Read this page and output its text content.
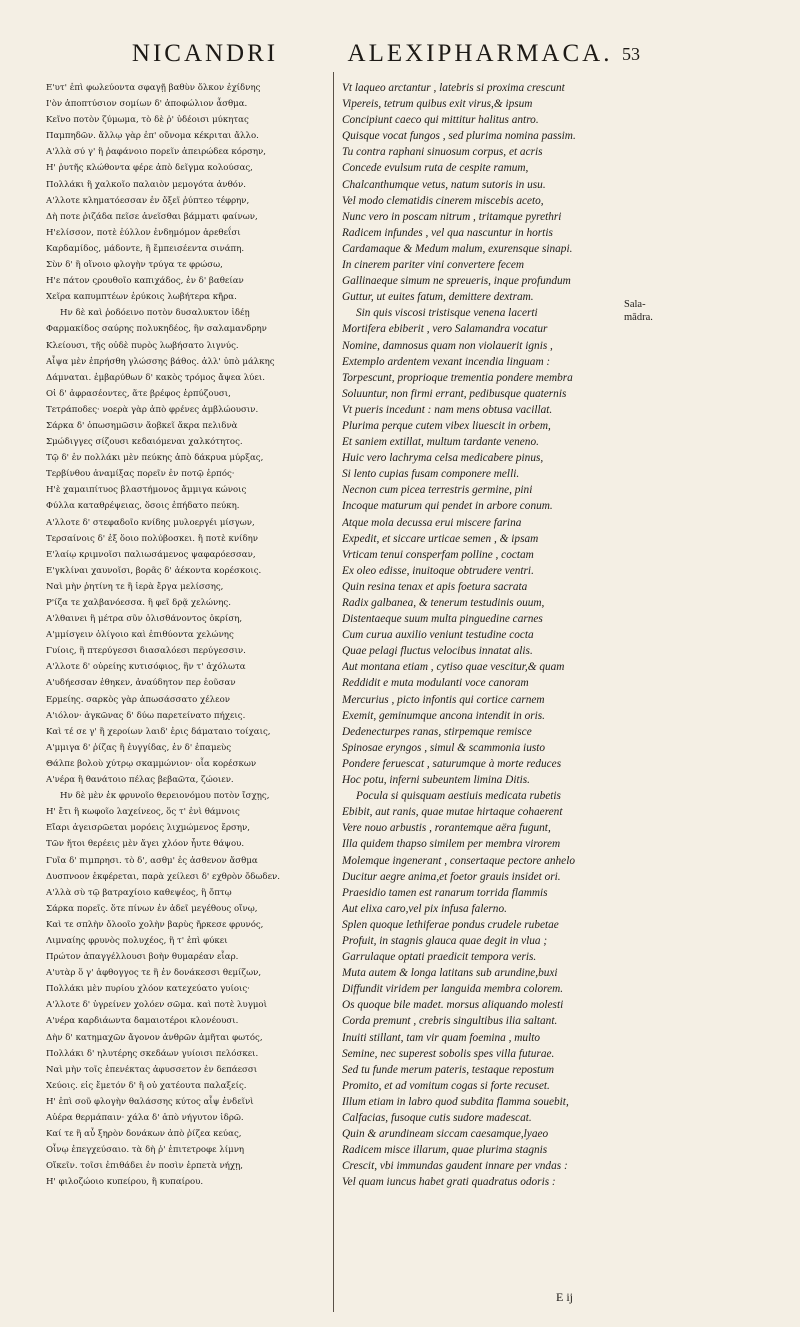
NICANDRI	ALEXIPHARMACA. 53
Ε'υτ' ἐπὶ φωλεύοντα σφαγῇ βαθὺν ὄλκον ἐχίδνης
Ι'ὸν ἀποπτύσιον σομίων δ' ἀποφώλιον ἆσθμα.
Κεῖνο ποτὸν ζύμωμα, τὸ δὲ ῥ' ὑδέοισι μύκητας
Παμπηδῶν. ἄλλῳ γὰρ ἐπ' οὔνομα κέκριται ἄλλο.
Α'λλὰ σύ γ' ἢ ῥαφάνοιο πορεῖν ἀπειρώδεα κόρσην,
Η' ῥυτῆς κλώθοντα φέρε ἀπὸ δεῖγμα κολούσας,
Πολλάκι ἢ χαλκοῖο παλαιὸν μεμογότα ἀνθόν.
Α'λλοτε κληματόεσσαν ἐν ὄξεϊ ῥύπτεο τέφρην,
Δὴ ποτε ῥιζάδα πεῖσε ἀνεῖσθαι βάμματι φαίνων,
Η'ελίσσον, ποτὲ ἐύλλον ἐνδημόμον ἀρεθεΐσι
Καρδαμίδος, μάδοντε, ἢ ἔμπεισέεντα σινάπη.
Σὺν δ' ἢ οἴνοιο φλογὴν τρύγα τε φρώσω,
Η'ε πάτον ςρουθοῖο καπιχάδος, ἐν δ' βαθείαν
Χεῖρα καπυμπτέων ἐρύκοις λωβήτερα κῆρα.
Ην δὲ καὶ ῥοδόεινο ποτὸν δυσαλυκτον ἰδέῃ
Φαρμακίδος σαύρης πολυκηδέος, ἣν σαλαμανδρην
Κλείουσι, τῆς οὐδὲ πυρὸς λωβήσατο λιγνύς.
Αἶψα μὲν ἐπρήσθη γλώσσης βάθος. ἀλλ' ὑπὸ μάλκης
Δάμναται. ἐμβαρύθων δ' κακὸς τρόμος ἄψεα λύει.
Οἱ δ' ἀφρασέοντες, ἅτε βρέφος ἑρπύζουσι,
Τετράποδες· νοερὰ γὰρ ἀπὸ φρένες ἀμβλώουσιν.
Σάρκα δ' ὀπωσημῶσιν ἄοβκεῖ ἄκρα πελιδνὰ
Σμώδιγγες σίζουσι κεδαιόμεναι χαλκότητος.
Τῷ δ' ἐν πολλάκι μὲν πεύκης ἀπὸ δάκρυα μύρξας,
Τερβίνθου ἀναμίξας πορεῖν ἐν ποτῷ ἑρπός·
Η'ὲ χαμαιπίτυος βλαστήμονος ἄμμιγα κώνοις
Φύλλα καταθρέψειας, ὅσοις ἐπήδατο πεύκη.
Α'λλοτε δ' στεφαδοῖο κνίδης μυλοεργέι μίσγων,
Τερσαίνοις δ' ἐξ ὅοιο πολύβοσκει. ἢ ποτὲ κνίδην
Ε'λαίῳ κριμνοῖσι παλιωσάμενος ψαφαρόεσσαν,
Ε'γκλίναι χαυνοῖσι, βορᾶς δ' ἀέκοντα κορέσκοις.
Ναὶ μὴν ῥητίνη τε ἢ ἱερὰ ἔργα μελίσσης,
Ρ'ίζα τε χαλβανόεσσα. ἢ φεῖ δρᾷ χελώνης.
Α'λθαινει ἢ μέτρα σῦν ὀλισθάνοντος ὀκρίση,
Α'μμίσγειν ὀλίγοιο καὶ ἐπιθύοντα χελώνης
Γυίοις, ἢ πτερύγεσσι διασαλόεσι περύγεσσιν.
Α'λλοτε δ' οὐρείης κυτισόφιος, ἣν τ' ἀχόλωτα
Α'υδήεσσαν ἐθηκεν, ἀναύδητον περ ἐοῦσαν
Ερμείης. σαρκὸς γὰρ ἀπωσάσσατο χέλεον
Α'ιόλον· ἀγκῶνας δ' δύω παρετείνατο πήχεις.
Καὶ τέ σε γ' ἢ χεροίων λαιδ' ἐρις δάματαιο τοίχαις,
Α'μμιγα δ' ῥίζας ἢ ἐυγγίδας, ἐν δ' ἐπαμεὺς
Θάλπε βολοὺ χύτρῳ σκαμμώνιον· οἷα κορέσκων
Α'νέρα ἢ θανάτοιο πέλας βεβαῶτα, ζώοιεν.
Ην δὲ μὲν ἐκ φρυνοῖο θερειονόμου ποτὸν ἴσχῃς,
Η' ἔτι ἢ κωφοῖο λαχείνεος, ὅς τ' ἐνὶ θάμνοις
Εἴαρι ἀγεισρῶεται μορόεις λιχμώμενος ἔρσην,
Τῶν ἤτοι θερέεις μὲν ἄγει χλόον ἦυτε θάψου.
Γυῖα δ' πιμπρησι. τὸ δ', ασθμ' ἐς ἀσθενον ἄσθμα
Δυσπνοον ἐκφέρεται, παρὰ χείλεσι δ' εχθρὸν ὄδωδεν.
Α'λλὰ σὺ τῷ βατραχίοιο καθεψέος, ἢ ὄπτῳ
Σάρκα πορεῖς. ὅτε πίνων ἐν ἀδεῖ μεγέθους οἴνῳ,
Καὶ τε σπλὴν ὄλοοῖο χολὴν βαρὺς ἤρκεσε φρυνός,
Λιμναίης φρυνὸς πολυχέος, ἢ τ' ἐπὶ φύκει
Πρώτον ἀπαγγέλλουσι βοὴν θυμαρέαν εἶαρ.
Α'υτὰρ ὅ γ' ἀφθογγος τε ἢ ἐν δονάκεσσι θεμίζων,
Πολλάκι μὲν πυρίου χλόον κατεχεύατο γυίοις·
Α'λλοτε δ' ὑγρείνεν χολόεν σῶμα. καὶ ποτὲ λυγμοὶ
Α'νέρα καρδιάωντα δαμαιοτέροι κλονέουσι.
Δὴν δ' κατημαχῶν ἄγονον ἀνθρῶν ἀμῆται φωτός,
Πολλάκι δ' ηλυτέρης σκεδάων γυίοισι πελόσκει.
Ναὶ μὴν τοῖς ἐπενέκτας ἀφυσσετον ἐν δεπάεσσι
Χεύοις. εἰς ἔμετόν δ' ἢ οὐ χατέουτα παλαξείς.
Η' ἐπὶ σοῦ φλογὴν θαλάσσης κύτος αἶψ ἐνδεῖνὶ
Αὐέρα θερμάπαιν· χάλα δ' ἀπὸ νήγυτον ἱδρῶ.
Καί τε ἢ αὖ ξηρὸν δονάκων ἀπὸ ῥίζεα κεύας,
Οἶνῳ ἐπεγχεύσαιο. τὰ δὴ ῥ' ἐπιτετροφε λίμνη
Οἴκεῖν. τοῖσι ἐπιθάδει ἐν ποσὶν ἑρπετὰ νήχῃ,
Η' φιλοζώοιο κυπείρου, ἢ κυπαίρου.
Vt laqueo arctantur , latebris si proxima crescunt
Vipereis, tetrum quibus exit virus,& ipsum
Concipiunt caeco qui mittitur halitus antro.
Quisque vocat fungos , sed plurima nomina passim.
Tu contra raphani sinuosum corpus, et acris
Concede evulsum ruta de cespite ramum,
Chalcanthumque vetus, natum sutoris in usu.
Vel modo clematidis cinerem miscebis aceto,
Nunc vero in poscam nitrum , tritamque pyrethri
Radicem infundes , vel qua nascuntur in hortis
Cardamaque & Medum malum, exurensque sinapi.
In cinerem pariter vini convertere fecem
Gallinaeque simum ne spreueris, inque profundum
Guttur, ut euites fatum, demittere dextram.
Sin quis viscosi tristisque venena lacerti
Mortifera ebiberit , vero Salamandra vocatur
Nomine, damnosus quam non violauerit ignis ,
Extemplo ardentem vexant incendia linguam :
Torpescunt, proprioque trementia pondere membra
Soluuntur, non firmi errant, pedibusque quaternis
Vt pueris incedunt : nam mens obtusa vacillat.
Plurima perque cutem vibex liuescit in orbem,
Et saniem extillat, multum tardante veneno.
Huic vero lachryma celsa medicabere pinus,
Si lento cupias fusam componere melli.
Necnon cum picea terrestris germine, pini
Incoque maturum qui pendet in arbore conum.
Atque mola decussa erui miscere farina
Expedit, et siccare urticae semen , & ipsam
Vrticam tenui consperfam polline , coctam
Ex oleo edisse, inuitoque obtrudere ventri.
Quin resina tenax et apis foetura sacrata
Radix galbanea, & tenerum testudinis ouum,
Distentaeque suum multa pinguedine carnes
Cum curua auxilio veniunt testudine cocta
Quae pelagi fluctus velocibus innatat alis.
Aut montana etiam , cytiso quae vescitur,& quam
Reddidit e muta modulanti voce canoram
Mercurius , picto infontis qui cortice carnem
Exemit, geminumque ancona intendit in oris.
Dedenecturpes ranas, stirpemque remisce
Spinosae eryngos , simul & scammonia iusto
Pondere feruescat , saturumque à morte reduces
Hoc potu, inferni subeuntem limina Ditis.
Pocula si quisquam aestiuis medicata rubetis
Ebibit, aut ranis, quae mutae hirtaque cohaerent
Vere nouo arbustis , rorantemque aëra fugunt,
Illa quidem thapso similem per membra virorem
Molemque ingenerant , consertaque pectore anhelo
Ducitur aegre anima,et foetor grauis insidet ori.
Praesidio tamen est ranarum torrida flammis
Aut elixa caro,vel pix infusa falerno.
Splen quoque lethiferae pondus crudele rubetae
Profuit, in stagnis glauca quae degit in vlua ;
Garrulaque optati praedicit tempora veris.
Muta autem & longa latitans sub arundine,buxi
Diffundit viridem per languida membra colorem.
Os quoque bile madet. morsus aliquando molesti
Corda premunt , crebris singultibus ilia saltant.
Inuiti stillant, tam vir quam foemina , multo
Semine, nec superest sobolis spes villa futurae.
Sed tu funde merum pateris, testaque repostum
Promito, et ad vomitum cogas si forte recuset.
Illum etiam in labro quod subdita flamma souebit,
Calfacias, fusoque cutis sudore madescat.
Quin & arundineam siccam caesamque,lyaeo
Radicem misce illarum, quae plurima stagnis
Crescit, vbi immundas gaudent innare per vndas :
Vel quam iuncus habet grati quadratus odoris :
Sala-
mādra.
E ij
